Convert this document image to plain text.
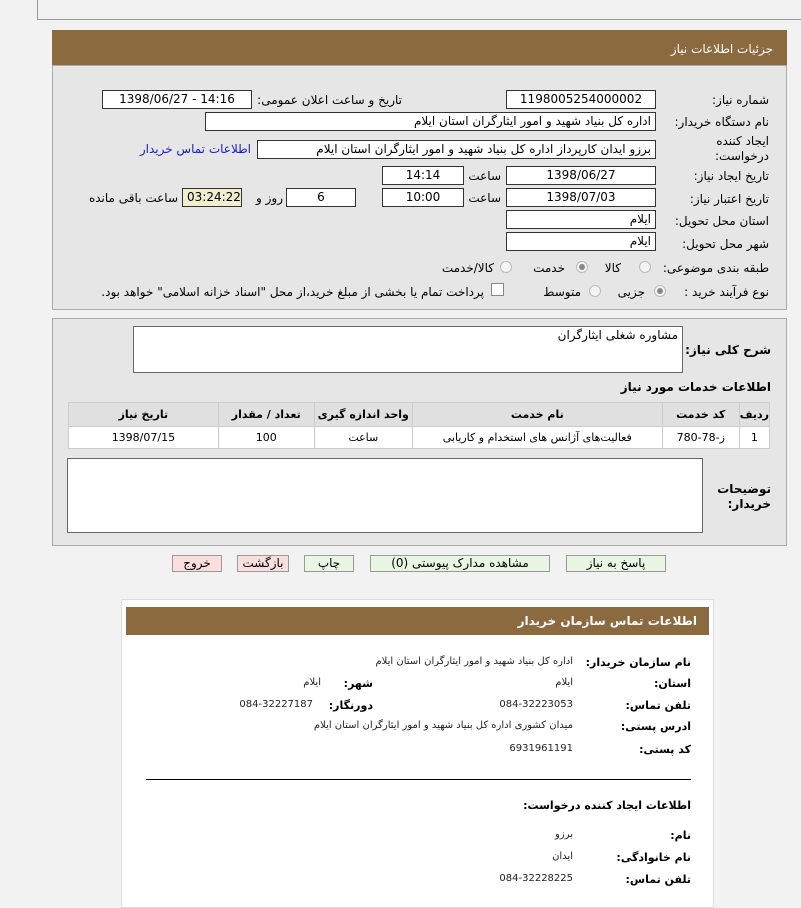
جزئیات اطلاعات نیاز
شماره نیاز:
1198005254000002
تاریخ و ساعت اعلان عمومی:
1398/06/27 - 14:16
نام دستگاه خریدار:
اداره کل بنیاد شهید و امور ایثارگران استان ایلام
ایجاد کننده درخواست:
برزو ایدان کارپرداز اداره کل بنیاد شهید و امور ایثارگران استان ایلام
اطلاعات تماس خریدار
تاریخ ایجاد نیاز:
1398/06/27
ساعت
14:14
تاریخ اعتبار نیاز:
1398/07/03
ساعت
10:00
6
روز و
03:24:22
ساعت باقی مانده
استان محل تحویل:
ایلام
شهر محل تحویل:
ایلام
طبقه بندی موضوعی:
کالا
خدمت
کالا/خدمت
نوع فرآیند خرید :
جزیی
متوسط
پرداخت تمام یا بخشی از مبلغ خرید،از محل "اسناد خزانه اسلامی" خواهد بود.
شرح کلی نیاز:
مشاوره شغلی ایثارگران
اطلاعات خدمات مورد نیاز
ردیف	کد خدمت	نام خدمت	واحد اندازه گیری	تعداد / مقدار	تاریخ نیاز
1	ز-78-780	فعالیت‌های آژانس های استخدام و کاریابی	ساعت	100	1398/07/15
توضیحات خریدار:
پاسخ به نیاز
مشاهده مدارک پیوستی (0)
چاپ
بازگشت
خروج
اطلاعات تماس سازمان خریدار
نام سازمان خریدار:
اداره کل بنیاد شهید و امور ایثارگران استان ایلام
استان:
ایلام
شهر:
ایلام
تلفن تماس:
084-32223053
دورنگار:
084-32227187
ادرس پستی:
میدان کشوری اداره کل بنیاد شهید و امور ایثارگران استان ایلام
کد پستی:
6931961191
اطلاعات ایجاد کننده درخواست:
نام:
برزو
نام خانوادگی:
ایدان
تلفن تماس:
084-32228225
